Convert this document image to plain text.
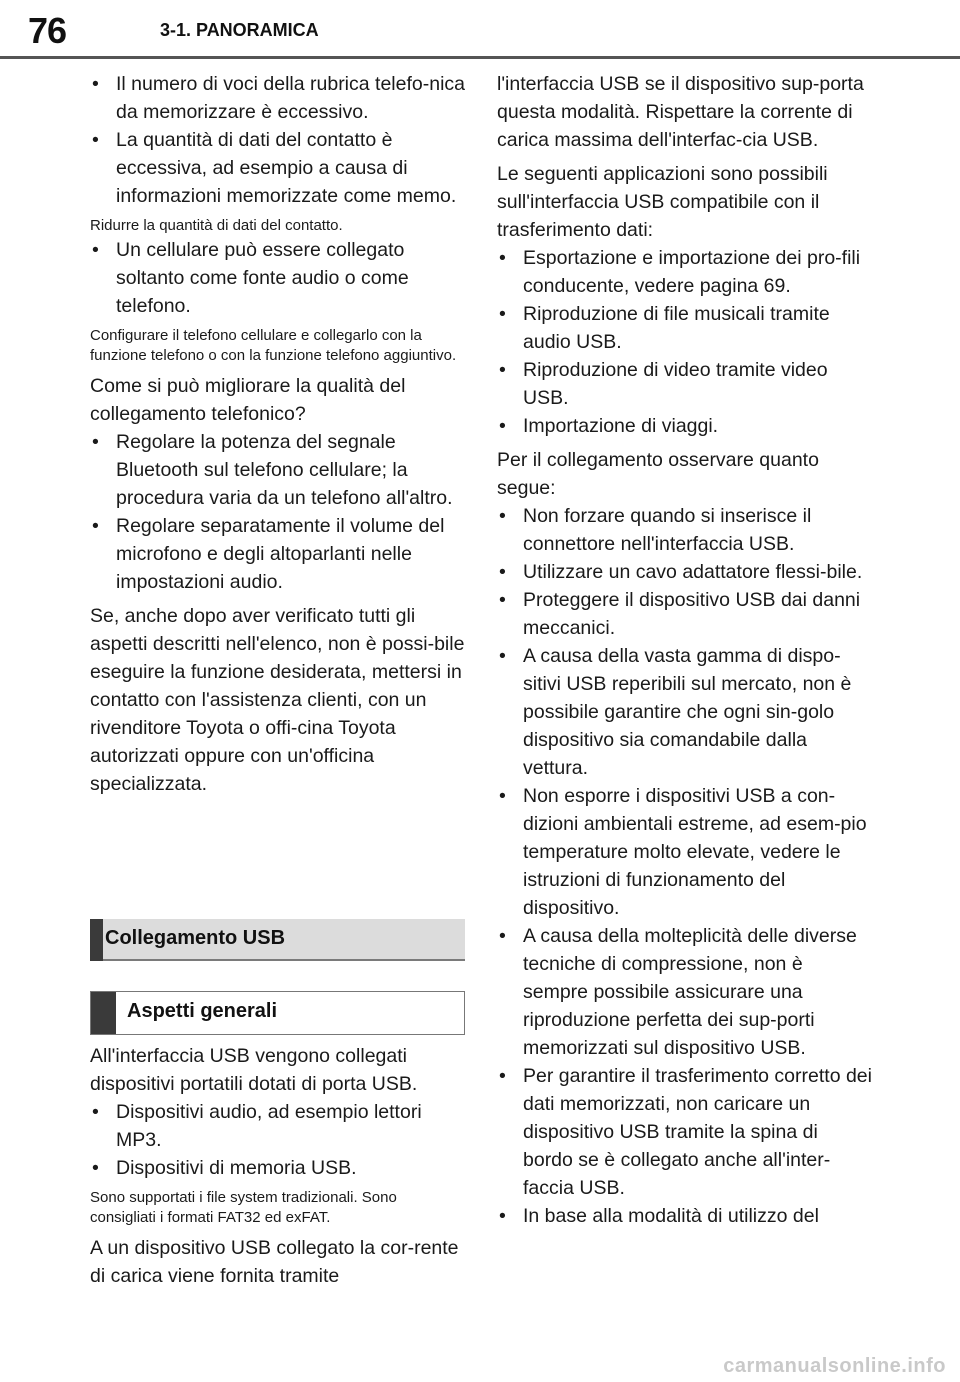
76	3-1. PANORAMICA
• Il numero di voci della rubrica telefo-nica da memorizzare è eccessivo.
• La quantità di dati del contatto è eccessiva, ad esempio a causa di informazioni memorizzate come memo.

Ridurre la quantità di dati del contatto.

• Un cellulare può essere collegato soltanto come fonte audio o come telefono.

Configurare il telefono cellulare e collegarlo con la funzione telefono o con la funzione telefono aggiuntivo.

Come si può migliorare la qualità del collegamento telefonico?

• Regolare la potenza del segnale Bluetooth sul telefono cellulare; la procedura varia da un telefono all'altro.
• Regolare separatamente il volume del microfono e degli altoparlanti nelle impostazioni audio.

Se, anche dopo aver verificato tutti gli aspetti descritti nell'elenco, non è possi-bile eseguire la funzione desiderata, mettersi in contatto con l'assistenza clienti, con un rivenditore Toyota o offi-cina Toyota autorizzati oppure con un'officina specializzata.

Collegamento USB
Aspetti generali

All'interfaccia USB vengono collegati dispositivi portatili dotati di porta USB.

• Dispositivi audio, ad esempio lettori MP3.
• Dispositivi di memoria USB.

Sono supportati i file system tradizionali. Sono consigliati i formati FAT32 ed exFAT.

A un dispositivo USB collegato la cor-rente di carica viene fornita tramite

l'interfaccia USB se il dispositivo sup-porta questa modalità. Rispettare la corrente di carica massima dell'interfac-cia USB.

Le seguenti applicazioni sono possibili sull'interfaccia USB compatibile con il trasferimento dati:

• Esportazione e importazione dei pro-fili conducente, vedere pagina 69.
• Riproduzione di file musicali tramite audio USB.
• Riproduzione di video tramite video USB.
• Importazione di viaggi.

Per il collegamento osservare quanto segue:

• Non forzare quando si inserisce il connettore nell'interfaccia USB.
• Utilizzare un cavo adattatore flessi-bile.
• Proteggere il dispositivo USB dai danni meccanici.
• A causa della vasta gamma di dispo-sitivi USB reperibili sul mercato, non è possibile garantire che ogni sin-golo dispositivo sia comandabile dalla vettura.
• Non esporre i dispositivi USB a con-dizioni ambientali estreme, ad esem-pio temperature molto elevate, vedere le istruzioni di funzionamento del dispositivo.
• A causa della molteplicità delle diverse tecniche di compressione, non è sempre possibile assicurare una riproduzione perfetta dei sup-porti memorizzati sul dispositivo USB.
• Per garantire il trasferimento corretto dei dati memorizzati, non caricare un dispositivo USB tramite la spina di bordo se è collegato anche all'inter-faccia USB.
• In base alla modalità di utilizzo del
carmanualsonline.info
